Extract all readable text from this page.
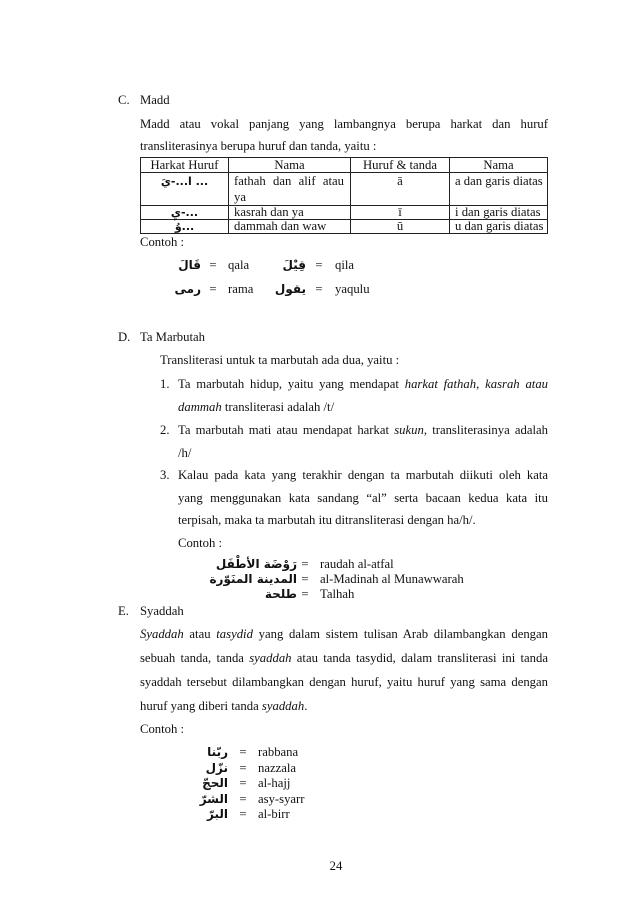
C. Madd
Madd atau vokal panjang yang lambangnya berupa harkat dan huruf
transliterasinya berupa huruf dan tanda, yaitu :
Harkat Huruf	Nama	Huruf & tanda	Nama
يَ-...ا ...	fathah dan alif atau ya	ā	a dan garis diatas
يِ-...	kasrah dan ya	ī	i dan garis diatas
وُ...	dammah dan waw	ū	u dan garis diatas
Contoh :
قَالَ = qala	قِيْلَ = qila
رمى = rama	يقول = yaqulu
D. Ta Marbutah
Transliterasi untuk ta marbutah ada dua, yaitu :
1. Ta marbutah hidup, yaitu yang mendapat harkat fathah, kasrah atau
dammah transliterasi adalah /t/
2. Ta marbutah mati atau mendapat harkat sukun, transliterasinya adalah
/h/
3. Kalau pada kata yang terakhir dengan ta marbutah diikuti oleh kata
yang menggunakan kata sandang “al” serta bacaan kedua kata itu
terpisah, maka ta marbutah itu ditransliterasi dengan ha/h/.
Contoh :
رَوْضَة الأطْفَل = raudah al-atfal
المدينة المنَوّرة = al-Madinah al Munawwarah
طلحة = Talhah
E. Syaddah
Syaddah atau tasydid yang dalam sistem tulisan Arab dilambangkan dengan
sebuah tanda, tanda syaddah atau tanda tasydid, dalam transliterasi ini tanda
syaddah tersebut dilambangkan dengan huruf, yaitu huruf yang sama dengan
huruf yang diberi tanda syaddah.
Contoh :
ربّنا = rabbana
نزّل = nazzala
الحجّ = al-hajj
الشرّ = asy-syarr
البرّ = al-birr
24
